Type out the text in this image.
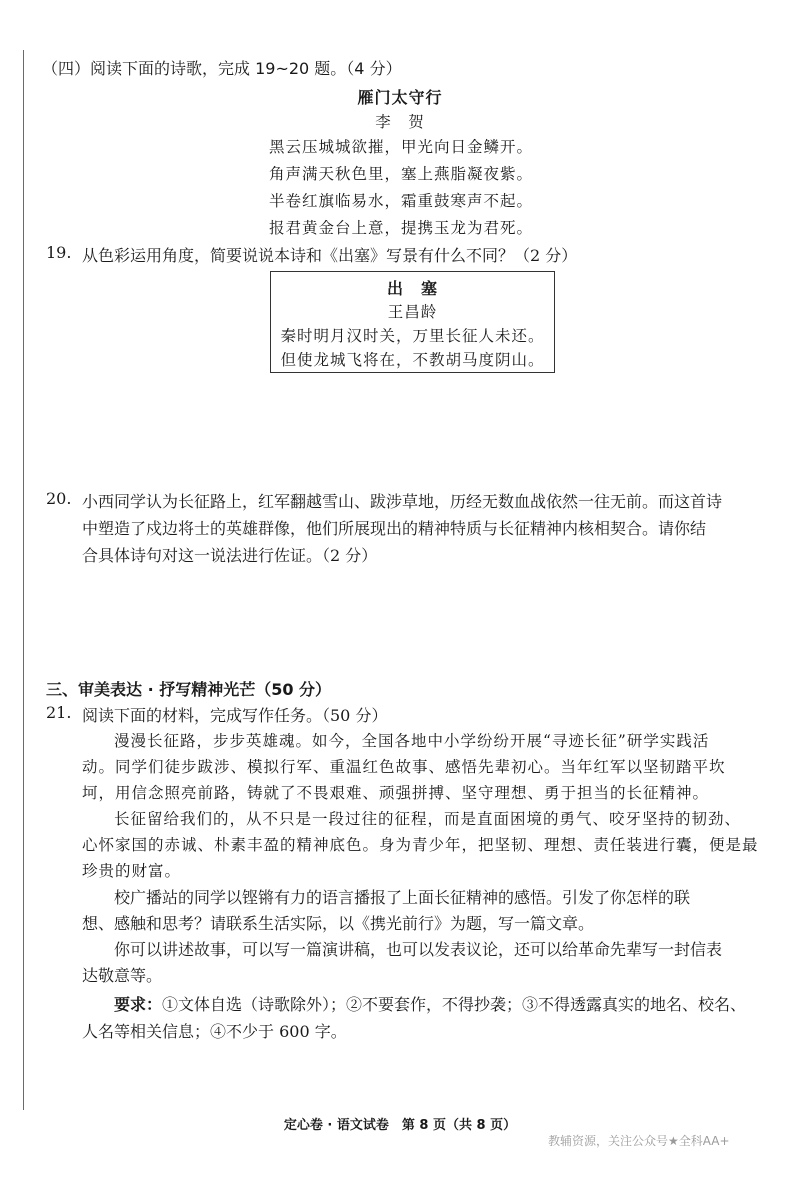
（四）阅读下面的诗歌，完成 19~20 题。（4 分）
雁门太守行
李　贺
黑云压城城欲摧，甲光向日金鳞开。
角声满天秋色里，塞上燕脂凝夜紫。
半卷红旗临易水，霜重鼓寒声不起。
报君黄金台上意，提携玉龙为君死。
19. 从色彩运用角度，简要说说本诗和《出塞》写景有什么不同？（2 分）
出　塞
王昌龄
秦时明月汉时关，万里长征人未还。
但使龙城飞将在，不教胡马度阴山。
20. 小西同学认为长征路上，红军翻越雪山、跋涉草地，历经无数血战依然一往无前。而这首诗
中塑造了戍边将士的英雄群像，他们所展现出的精神特质与长征精神内核相契合。请你结
合具体诗句对这一说法进行佐证。（2 分）
三、审美表达 · 抒写精神光芒（50 分）
21. 阅读下面的材料，完成写作任务。（50 分）
漫漫长征路，步步英雄魂。如今，全国各地中小学纷纷开展“寻迹长征”研学实践活
动。同学们徒步跋涉、模拟行军、重温红色故事、感悟先辈初心。当年红军以坚韧踏平坎
坷，用信念照亮前路，铸就了不畏艰难、顽强拼搏、坚守理想、勇于担当的长征精神。
长征留给我们的，从不只是一段过往的征程，而是直面困境的勇气、咬牙坚持的韧劲、
心怀家国的赤诚、朴素丰盈的精神底色。身为青少年，把坚韧、理想、责任装进行囊，便是最
珍贵的财富。
校广播站的同学以铿锵有力的语言播报了上面长征精神的感悟。引发了你怎样的联
想、感触和思考？请联系生活实际，以《携光前行》为题，写一篇文章。
你可以讲述故事，可以写一篇演讲稿，也可以发表议论，还可以给革命先辈写一封信表
达敬意等。
要求：①文体自选（诗歌除外）；②不要套作，不得抄袭；③不得透露真实的地名、校名、
人名等相关信息；④不少于 600 字。
定心卷 · 语文试卷　第 8 页（共 8 页）
教辅资源，关注公众号★全科AA+
